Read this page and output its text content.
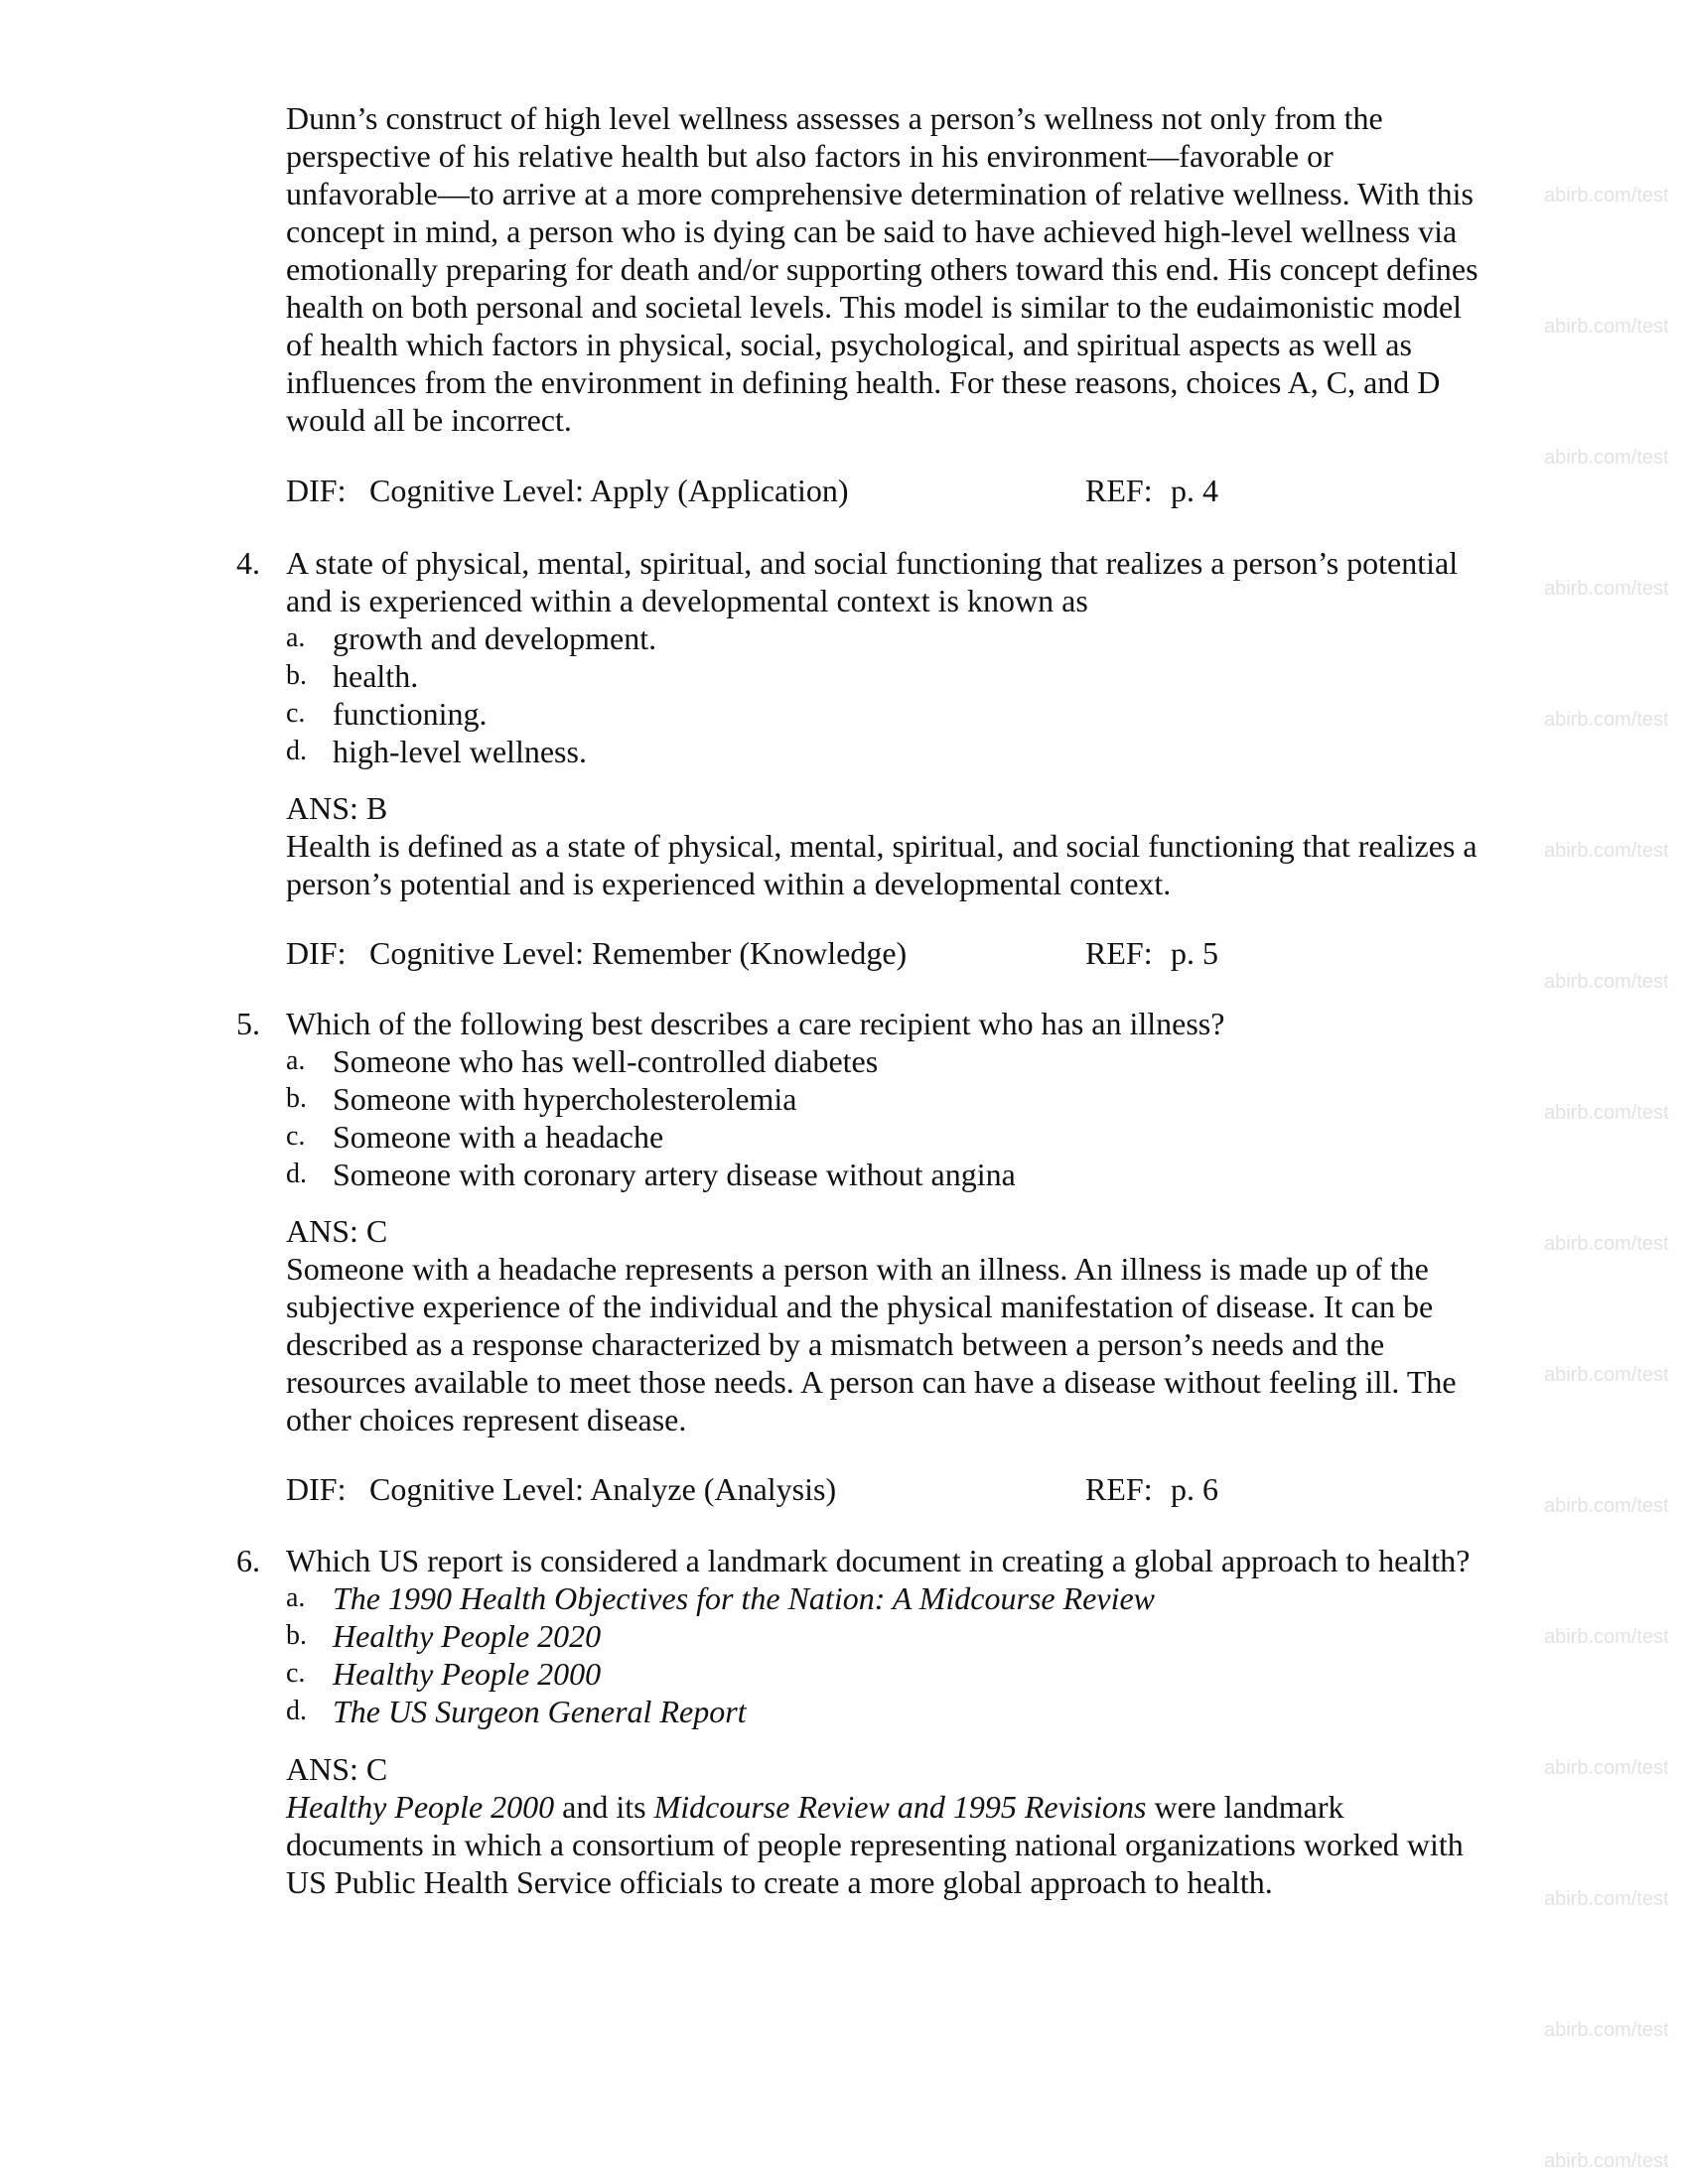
abirb.com/test
abirb.com/test
abirb.com/test
abirb.com/test
abirb.com/test
abirb.com/test
abirb.com/test
abirb.com/test
abirb.com/test
abirb.com/test
abirb.com/test
abirb.com/test
abirb.com/test
abirb.com/test
abirb.com/test
abirb.com/test
Dunn’s construct of high level wellness assesses a person’s wellness not only from the
perspective of his relative health but also factors in his environment—favorable or
unfavorable—to arrive at a more comprehensive determination of relative wellness. With this
concept in mind, a person who is dying can be said to have achieved high-level wellness via
emotionally preparing for death and/or supporting others toward this end. His concept defines
health on both personal and societal levels. This model is similar to the eudaimonistic model
of health which factors in physical, social, psychological, and spiritual aspects as well as
influences from the environment in defining health. For these reasons, choices A, C, and D
would all be incorrect.
DIF: Cognitive Level: Apply (Application)	REF: p. 4
4. A state of physical, mental, spiritual, and social functioning that realizes a person’s potential
and is experienced within a developmental context is known as
a. growth and development.
b. health.
c. functioning.
d. high-level wellness.
ANS: B
Health is defined as a state of physical, mental, spiritual, and social functioning that realizes a
person’s potential and is experienced within a developmental context.
DIF: Cognitive Level: Remember (Knowledge)	REF: p. 5
5. Which of the following best describes a care recipient who has an illness?
a. Someone who has well-controlled diabetes
b. Someone with hypercholesterolemia
c. Someone with a headache
d. Someone with coronary artery disease without angina
ANS: C
Someone with a headache represents a person with an illness. An illness is made up of the
subjective experience of the individual and the physical manifestation of disease. It can be
described as a response characterized by a mismatch between a person’s needs and the
resources available to meet those needs. A person can have a disease without feeling ill. The
other choices represent disease.
DIF: Cognitive Level: Analyze (Analysis)	REF: p. 6
6. Which US report is considered a landmark document in creating a global approach to health?
a. The 1990 Health Objectives for the Nation: A Midcourse Review
b. Healthy People 2020
c. Healthy People 2000
d. The US Surgeon General Report
ANS: C
Healthy People 2000 and its Midcourse Review and 1995 Revisions were landmark
documents in which a consortium of people representing national organizations worked with
US Public Health Service officials to create a more global approach to health.
